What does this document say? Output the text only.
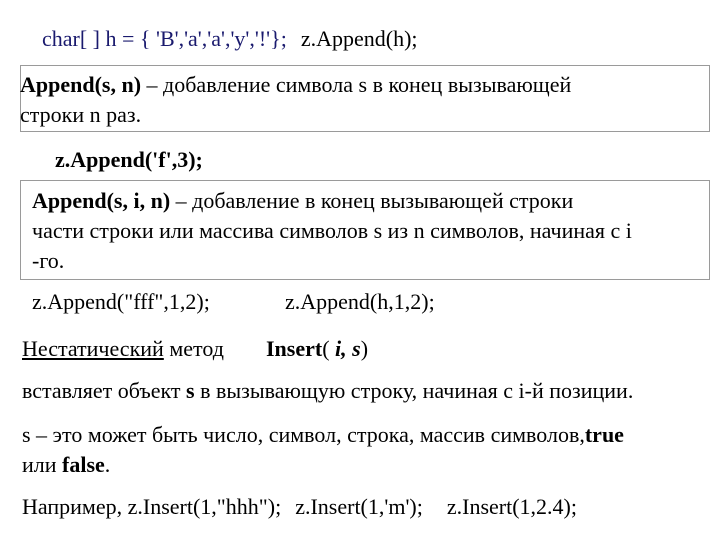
char[ ] h = { 'B','a','a','y','!'}; z.Append(h);
Append(s, n) – добавление символа s в конец вызывающей
строки n раз.
z.Append('f',3);
Append(s, i, n) – добавление в конец вызывающей строки
части строки или массива символов s из n символов, начиная с i
-го.
z.Append("fff",1,2);	z.Append(h,1,2);
Нестатический метод Insert( i, s)
вставляет объект s в вызывающую строку, начиная с i-й позиции.
s – это может быть число, символ, строка, массив символов,true
или false.
Например, z.Insert(1,"hhh"); z.Insert(1,'m'); z.Insert(1,2.4);
